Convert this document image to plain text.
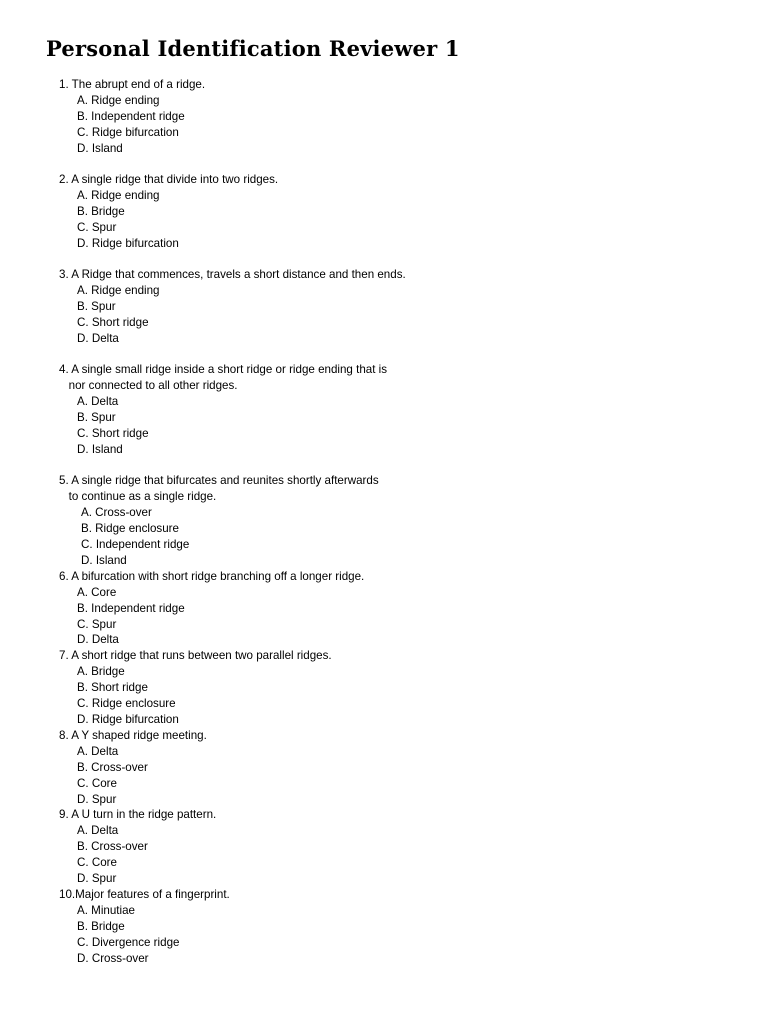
Personal Identification Reviewer 1

1. The abrupt end of a ridge.

A. Ridge ending
B. Independent ridge
C. Ridge bifurcation
D. Island

2. A single ridge that divide into two ridges.

A. Ridge ending
B. Bridge
C. Spur
D. Ridge bifurcation

3. A Ridge that commences, travels a short distance and then ends.

A. Ridge ending
B. Spur
C. Short ridge
D. Delta

4. A single small ridge inside a short ridge or ridge ending that is

nor connected to all other ridges.

A. Delta
B. Spur
C. Short ridge
D. Island

5. A single ridge that bifurcates and reunites shortly afterwards

to continue as a single ridge.

A. Cross-over
B. Ridge enclosure
C. Independent ridge
D. Island

6. A bifurcation with short ridge branching off a longer ridge.

A. Core
B. Independent ridge
C. Spur
D. Delta

7. A short ridge that runs between two parallel ridges.

A. Bridge
B. Short ridge
C. Ridge enclosure
D. Ridge bifurcation

8. A Y shaped ridge meeting.

A. Delta
B. Cross-over
C. Core
D. Spur

9. A U turn in the ridge pattern.

A. Delta
B. Cross-over
C. Core
D. Spur

10.Major features of a fingerprint.

A. Minutiae
B. Bridge
C. Divergence ridge
D. Cross-over
